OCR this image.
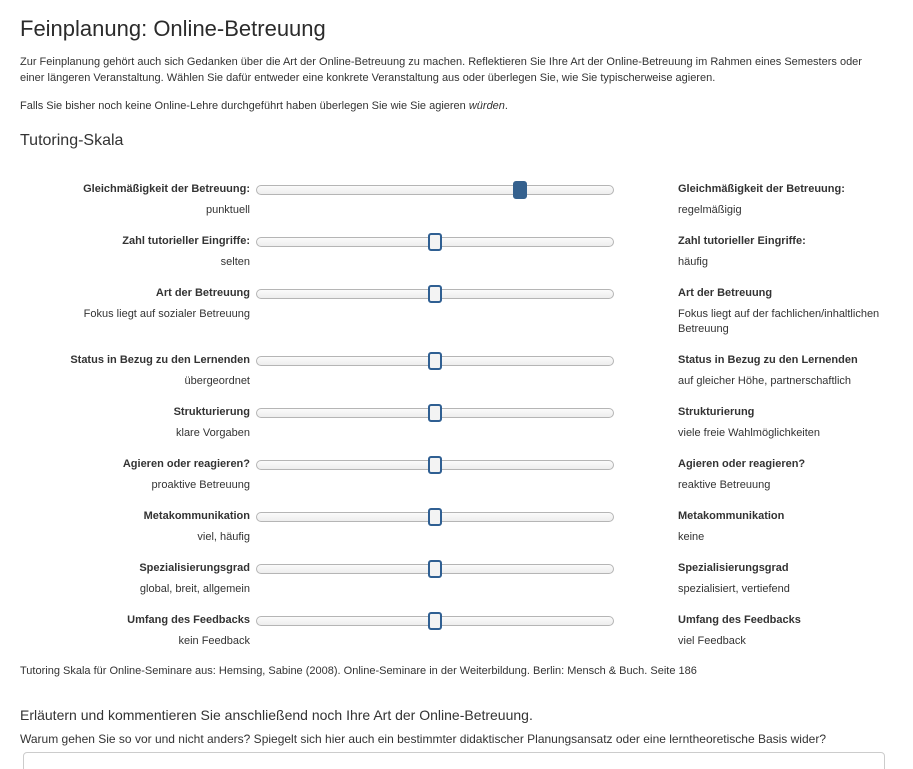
Feinplanung: Online-Betreuung

Zur Feinplanung gehört auch sich Gedanken über die Art der Online-Betreuung zu machen. Reflektieren Sie Ihre Art der Online-Betreuung im Rahmen eines Semesters oder einer längeren Veranstaltung. Wählen Sie dafür entweder eine konkrete Veranstaltung aus oder überlegen Sie, wie Sie typischerweise agieren.

Falls Sie bisher noch keine Online-Lehre durchgeführt haben überlegen Sie wie Sie agieren würden.

Tutoring-Skala
Gleichmäßigkeit der Betreuung:
punktuell
Gleichmäßigkeit der Betreuung:
regelmäßigig
Zahl tutorieller Eingriffe:
selten
Zahl tutorieller Eingriffe:
häufig
Art der Betreuung
Fokus liegt auf sozialer Betreuung
Art der Betreuung
Fokus liegt auf der fachlichen/inhaltlichen Betreuung
Status in Bezug zu den Lernenden
übergeordnet
Status in Bezug zu den Lernenden
auf gleicher Höhe, partnerschaftlich
Strukturierung
klare Vorgaben
Strukturierung
viele freie Wahlmöglichkeiten
Agieren oder reagieren?
proaktive Betreuung
Agieren oder reagieren?
reaktive Betreuung
Metakommunikation
viel, häufig
Metakommunikation
keine
Spezialisierungsgrad
global, breit, allgemein
Spezialisierungsgrad
spezialisiert, vertiefend
Umfang des Feedbacks
kein Feedback
Umfang des Feedbacks
viel Feedback
Tutoring Skala für Online-Seminare aus: Hemsing, Sabine (2008). Online-Seminare in der Weiterbildung. Berlin: Mensch & Buch. Seite 186
Erläutern und kommentieren Sie anschließend noch Ihre Art der Online-Betreuung.
Warum gehen Sie so vor und nicht anders? Spiegelt sich hier auch ein bestimmter didaktischer Planungsansatz oder eine lerntheoretische Basis wider?
